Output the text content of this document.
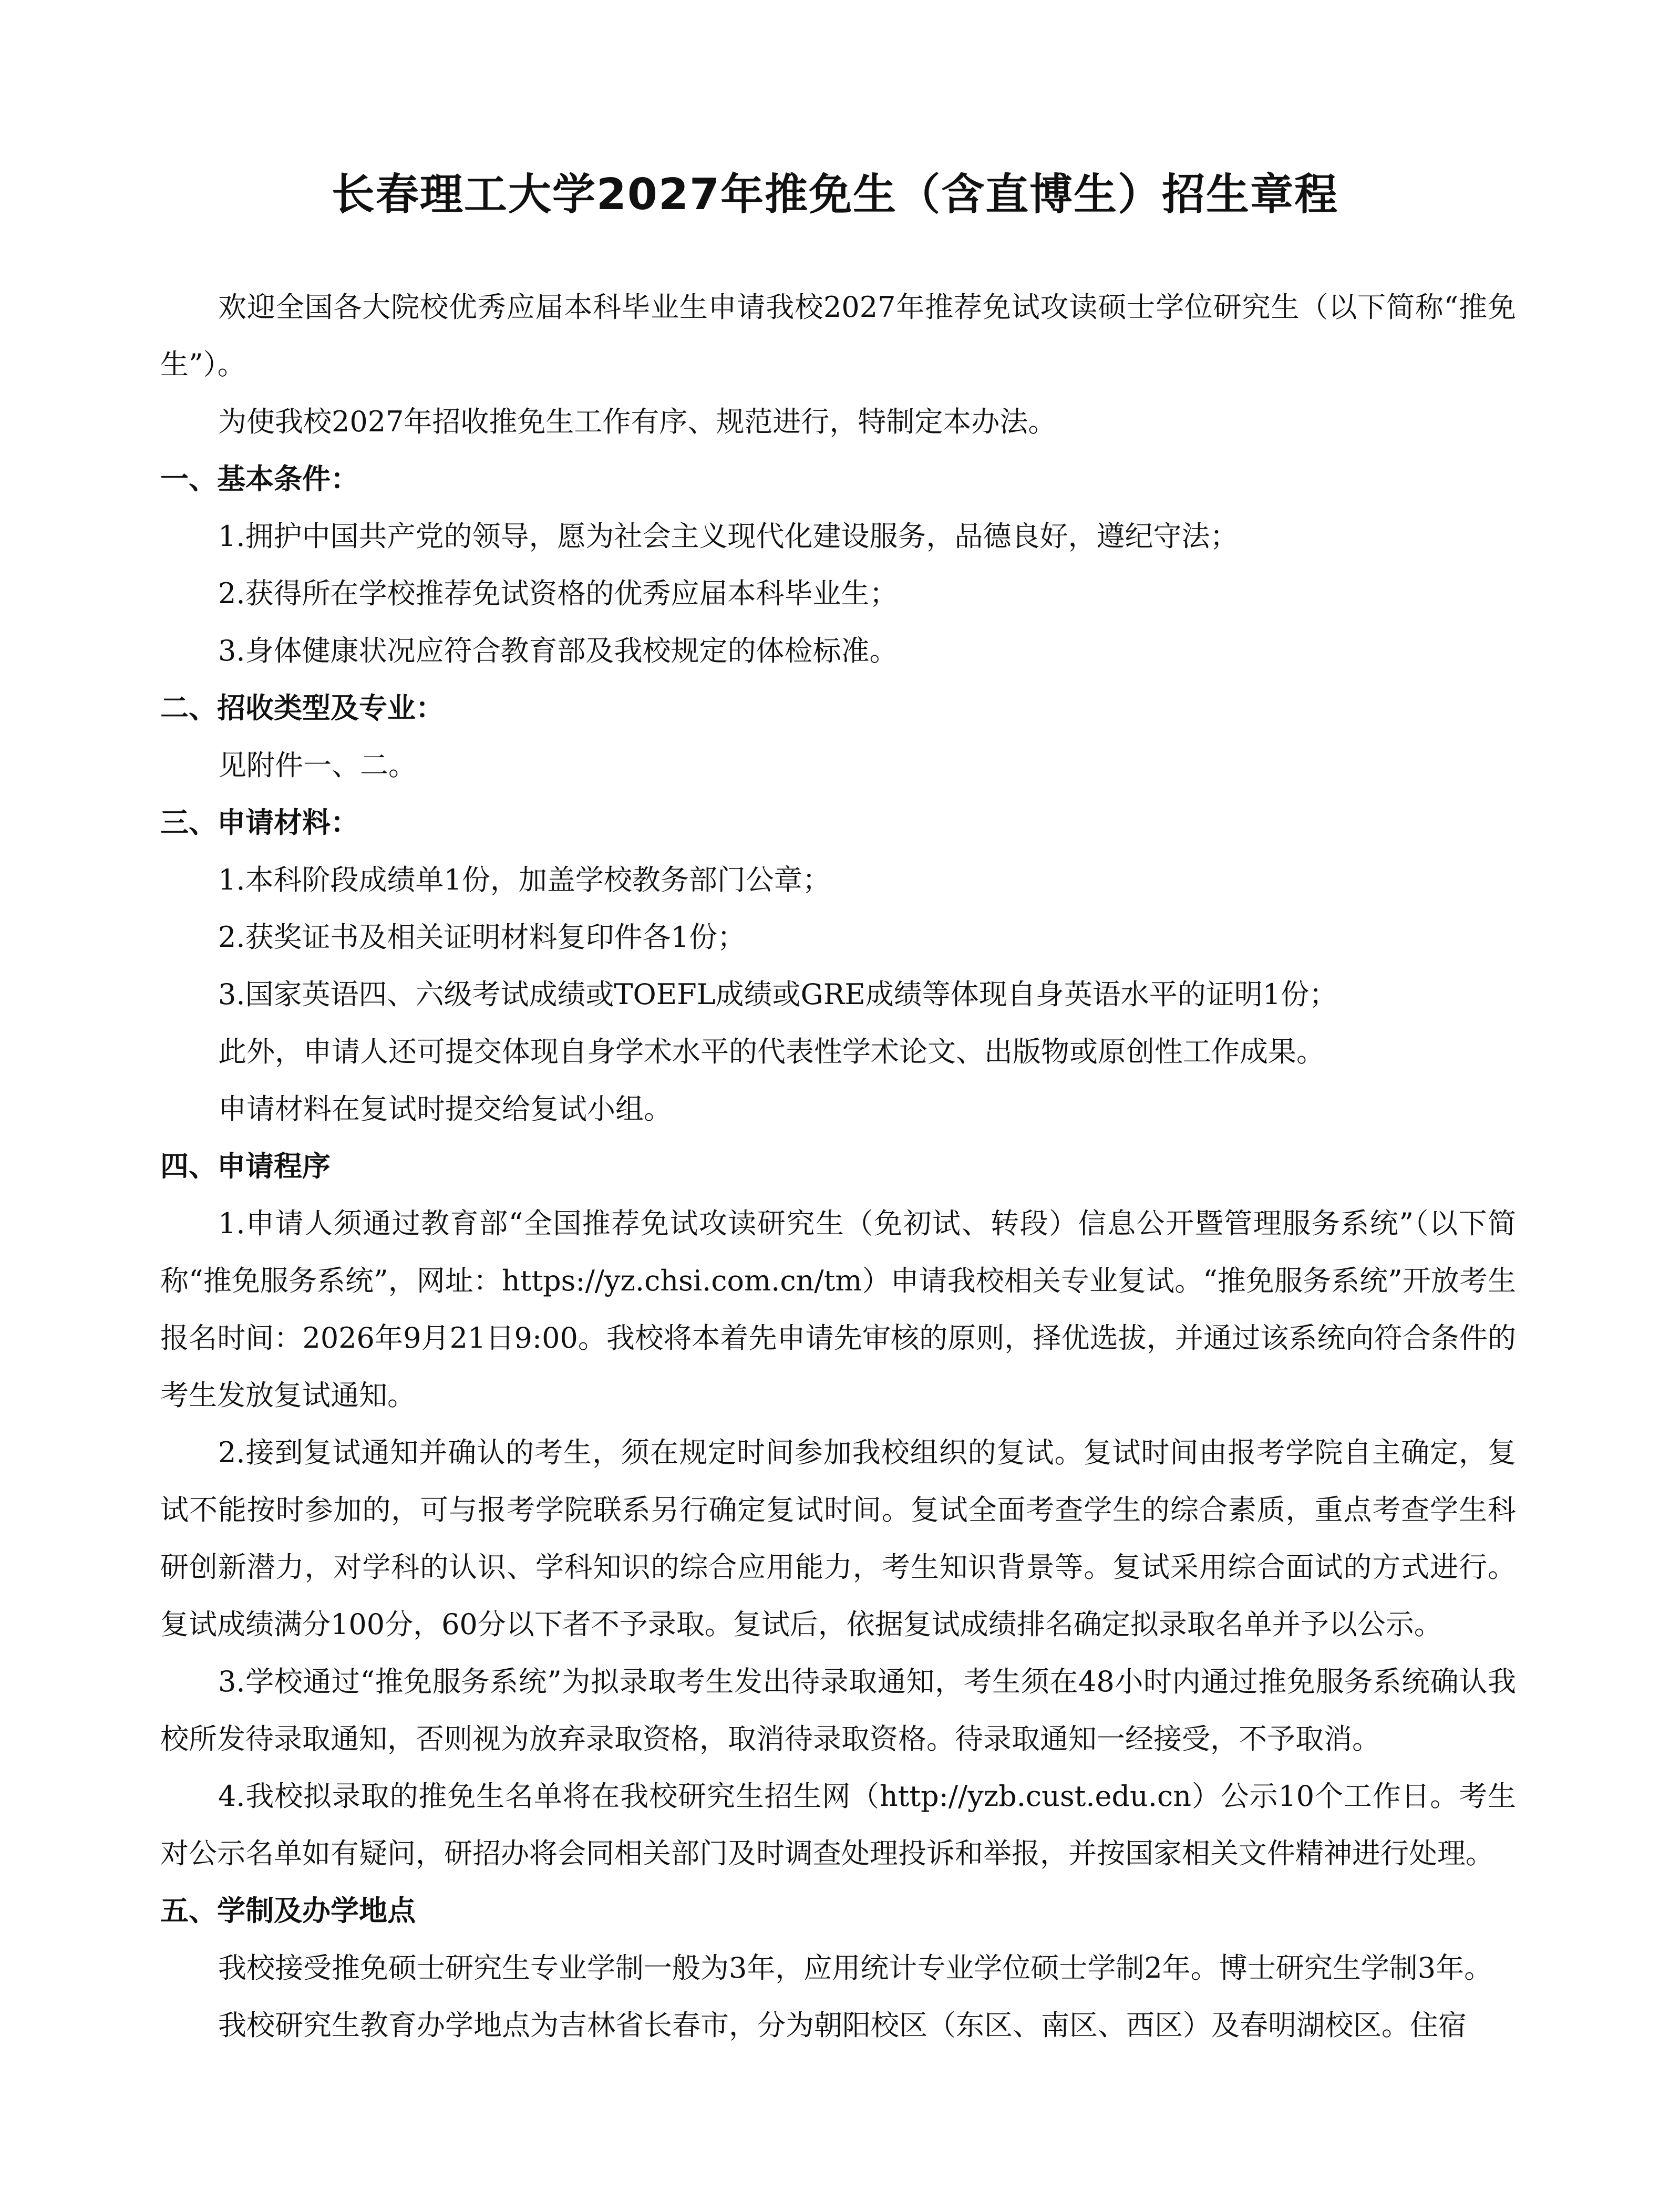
长春理工大学2027年推免生（含直博生）招生章程

欢迎全国各大院校优秀应届本科毕业生申请我校2027年推荐免试攻读硕士学位研究生（以下简称“推免生”）。

为使我校2027年招收推免生工作有序、规范进行，特制定本办法。

一、基本条件：

1.拥护中国共产党的领导，愿为社会主义现代化建设服务，品德良好，遵纪守法；

2.获得所在学校推荐免试资格的优秀应届本科毕业生；

3.身体健康状况应符合教育部及我校规定的体检标准。

二、招收类型及专业：

见附件一、二。

三、申请材料：

1.本科阶段成绩单1份，加盖学校教务部门公章；

2.获奖证书及相关证明材料复印件各1份；

3.国家英语四、六级考试成绩或TOEFL成绩或GRE成绩等体现自身英语水平的证明1份；

此外，申请人还可提交体现自身学术水平的代表性学术论文、出版物或原创性工作成果。

申请材料在复试时提交给复试小组。

四、申请程序

1.申请人须通过教育部“全国推荐免试攻读研究生（免初试、转段）信息公开暨管理服务系统”（以下简称“推免服务系统”，网址：https://yz.chsi.com.cn/tm）申请我校相关专业复试。“推免服务系统”开放考生报名时间：2026年9月21日9:00。我校将本着先申请先审核的原则，择优选拔，并通过该系统向符合条件的考生发放复试通知。

2.接到复试通知并确认的考生，须在规定时间参加我校组织的复试。复试时间由报考学院自主确定，复试不能按时参加的，可与报考学院联系另行确定复试时间。复试全面考查学生的综合素质，重点考查学生科研创新潜力，对学科的认识、学科知识的综合应用能力，考生知识背景等。复试采用综合面试的方式进行。复试成绩满分100分，60分以下者不予录取。复试后，依据复试成绩排名确定拟录取名单并予以公示。

3.学校通过“推免服务系统”为拟录取考生发出待录取通知，考生须在48小时内通过推免服务系统确认我校所发待录取通知，否则视为放弃录取资格，取消待录取资格。待录取通知一经接受，不予取消。

4.我校拟录取的推免生名单将在我校研究生招生网（http://yzb.cust.edu.cn）公示10个工作日。考生对公示名单如有疑问，研招办将会同相关部门及时调查处理投诉和举报，并按国家相关文件精神进行处理。

五、学制及办学地点

我校接受推免硕士研究生专业学制一般为3年，应用统计专业学位硕士学制2年。博士研究生学制3年。

我校研究生教育办学地点为吉林省长春市，分为朝阳校区（东区、南区、西区）及春明湖校区。住宿
